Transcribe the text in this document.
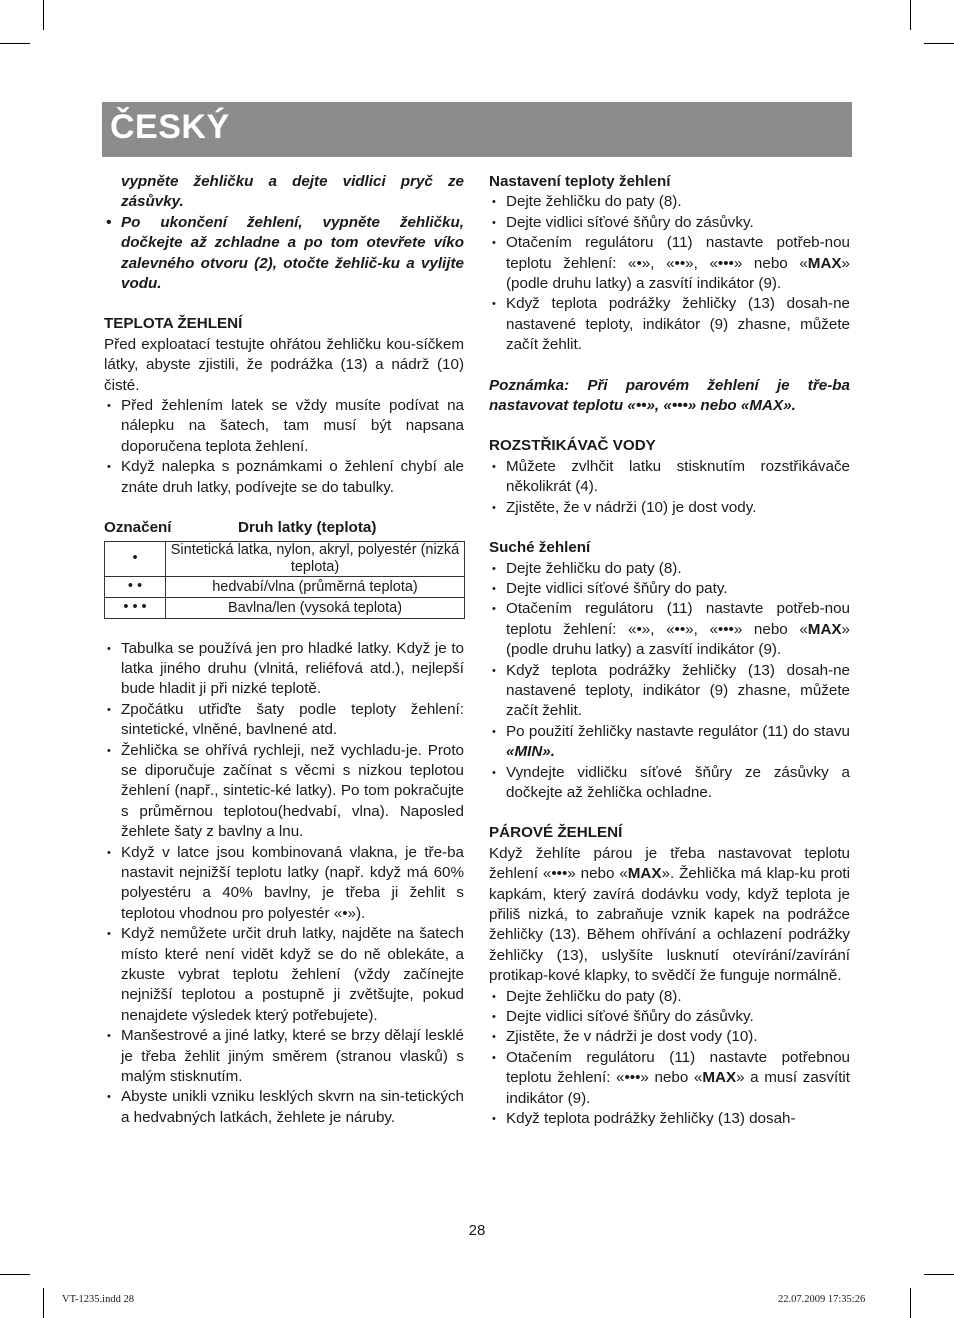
ČESKÝ

vypněte žehličku a dejte vidlici pryč ze zásůvky.

• Po ukončení žehlení, vypněte žehličku, dočkejte až zchladne a po tom otevřete víko zalevného otvoru (2), otočte žehlič-ku a vylijte vodu.

TEPLOTA ŽEHLENÍ

Před exploatací testujte ohřátou žehličku kou-síčkem látky, abyste zjistili, že podrážka (13) a nádrž (10) čisté.

• Před žehlením latek se vždy musíte podívat na nálepku na šatech, tam musí být napsana doporučena teplota žehlení.
• Když nalepka s poznámkami o žehlení chybí ale znáte druh latky, podívejte se do tabulky.
Označení	Druh latky (teplota)
•	Sintetická latka, nylon, akryl, polyestér (nizká teplota)
• •	hedvabí/vlna (průměrná teplota)
• • •	Bavlna/len (vysoká teplota)
• Tabulka se používá jen pro hladké latky. Když je to latka jiného druhu (vlnitá, reliéfová atd.), nejlepší bude hladit ji při nizké teplotě.
• Zpočátku utřiďte šaty podle teploty žehlení: sintetické, vlněné, bavlnené atd.
• Žehlička se ohřívá rychleji, než vychladu-je. Proto se diporučuje začínat s věcmi s nizkou teplotou žehlení (např., sintetic-ké latky). Po tom pokračujte s průměrnou teplotou(hedvabí, vlna). Naposled žehlete šaty z bavlny a lnu.
• Když v latce jsou kombinovaná vlakna, je tře-ba nastavit nejnižší teplotu latky (např. když má 60% polyestéru a 40% bavlny, je třeba ji žehlit s teplotou vhodnou pro polyestér «•»).
• Když nemůžete určit druh latky, najděte na šatech místo které není vidět když se do ně oblekáte, a zkuste vybrat teplotu žehlení (vždy začínejte nejnižší teplotou a postupně ji zvětšujte, pokud nenajdete výsledek který potřebujete).
• Manšestrové a jiné latky, které se brzy dělají lesklé je třeba žehlit jiným směrem (stranou vlasků) s malým stisknutím.
• Abyste unikli vzniku lesklých skvrn na sin-tetických a hedvabných latkách, žehlete je náruby.

Nastavení teploty žehlení

• Dejte žehličku do paty (8).
• Dejte vidlici síťové šňůry do zásůvky.
• Otačením regulátoru (11) nastavte potřeb-nou teplotu žehlení: «•», «••», «•••» nebo «MAX» (podle druhu latky) a zasvítí indikátor (9).
• Když teplota podrážky žehličky (13) dosah-ne nastavené teploty, indikátor (9) zhasne, můžete začít žehlit.

Poznámka: Při parovém žehlení je tře-ba nastavovat teplotu «••», «•••» nebo «MAX».

ROZSTŘIKÁVAČ VODY

• Můžete zvlhčit latku stisknutím rozstřikávače několikrát (4).
• Zjistěte, že v nádrži (10) je dost vody.

Suché žehlení

• Dejte žehličku do paty (8).
• Dejte vidlici síťové šňůry do paty.
• Otačením regulátoru (11) nastavte potřeb-nou teplotu žehlení: «•», «••», «•••» nebo «MAX» (podle druhu latky) a zasvítí indikátor (9).
• Když teplota podrážky žehličky (13) dosah-ne nastavené teploty, indikátor (9) zhasne, můžete začít žehlit.
• Po použití žehličky nastavte regulátor (11) do stavu «MIN».
• Vyndejte vidličku síťové šňůry ze zásůvky a dočkejte až žehlička ochladne.

PÁROVÉ ŽEHLENÍ

Když žehlíte párou je třeba nastavovat teplotu žehlení «•••» nebo «MAX». Žehlička má klap-ku proti kapkám, který zavírá dodávku vody, když teplota je přiliš nizká, to zabraňuje vznik kapek na podrážce žehličky (13). Během ohřívání a ochlazení podrážky žehličky (13), uslyšíte lusknutí otevírání/zavírání protikap-kové klapky, to svědčí že funguje normálně.

• Dejte žehličku do paty (8).
• Dejte vidlici síťové šňůry do zásůvky.
• Zjistěte, že v nádrži je dost vody (10).
• Otačením regulátoru (11) nastavte potřebnou teplotu žehlení: «•••» nebo «MAX» a musí zasvítit indikátor (9).
• Když teplota podrážky žehličky (13) dosah-
28
VT-1235.indd 28	22.07.2009 17:35:26
